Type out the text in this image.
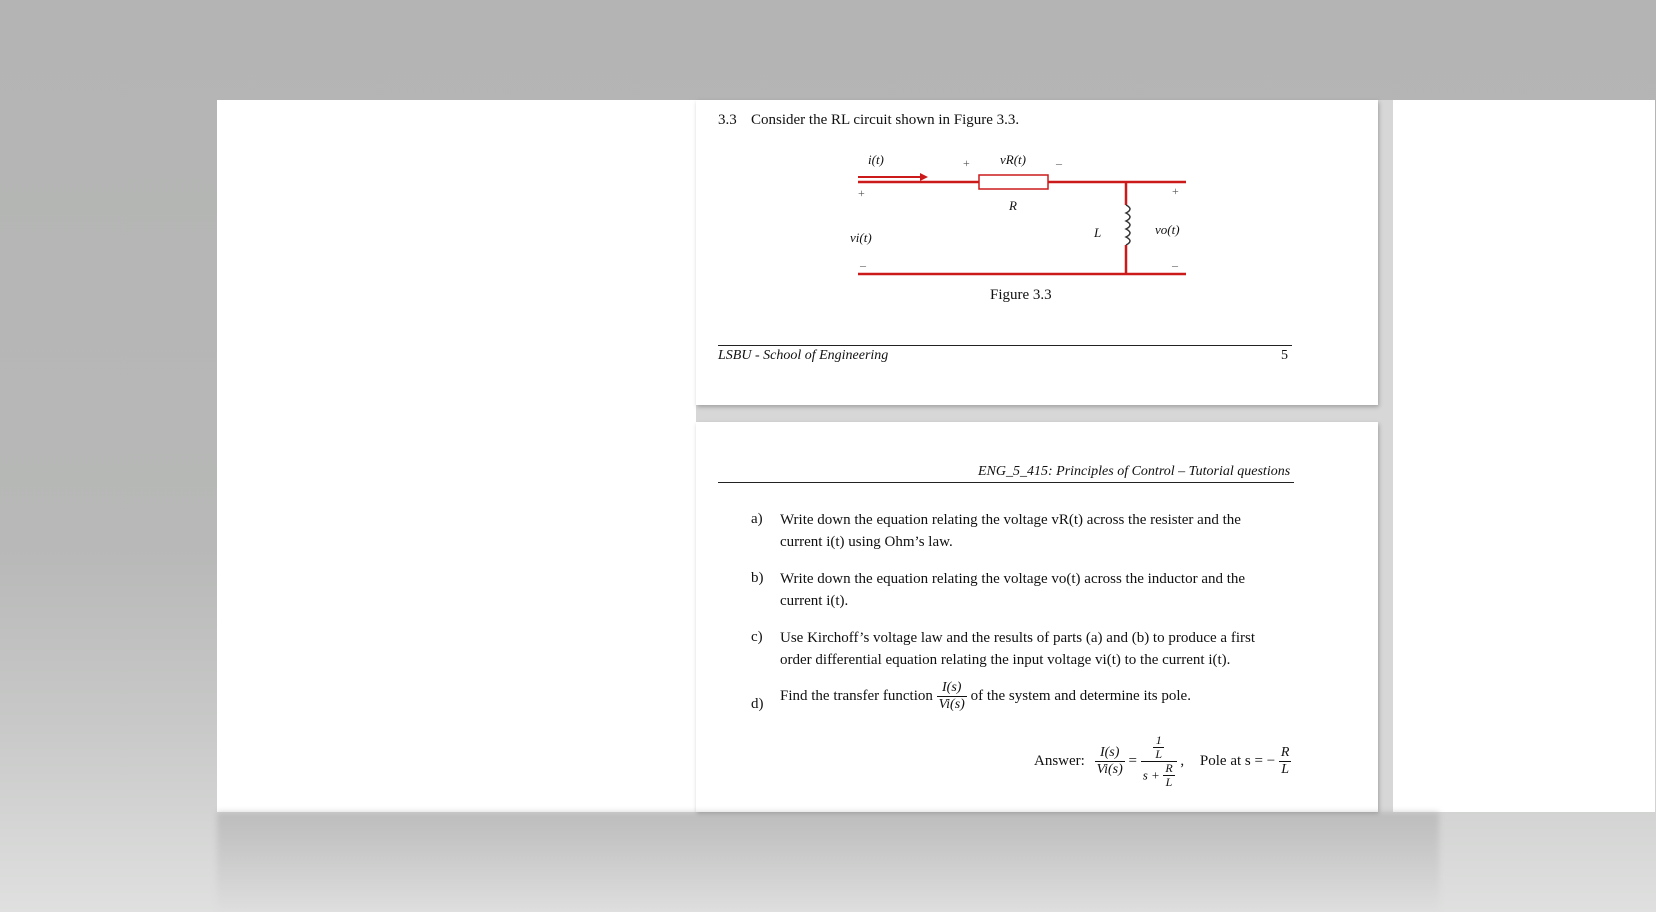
3.3 Consider the RL circuit shown in Figure 3.3.
i(t)	+ vR(t)	–
R
L
+
vi(t)
–
+
vo(t)
–
Figure 3.3
LSBU - School of Engineering	5
ENG_5_415: Principles of Control – Tutorial questions
a) Write down the equation relating the voltage vR(t) across the resister and the current i(t) using Ohm’s law.
b) Write down the equation relating the voltage vo(t) across the inductor and the current i(t).
c) Use Kirchoff’s voltage law and the results of parts (a) and (b) to produce a first order differential equation relating the input voltage vi(t) to the current i(t).
d) Find the transfer function $\frac{I(s)}{Vi(s)}$ of the system and determine its pole.
Answer: $\frac{I(s)}{Vi(s)} = \frac{\frac{1}{L}}{s + \frac{R}{L}}$ , Pole at s = − $\frac{R}{L}$
